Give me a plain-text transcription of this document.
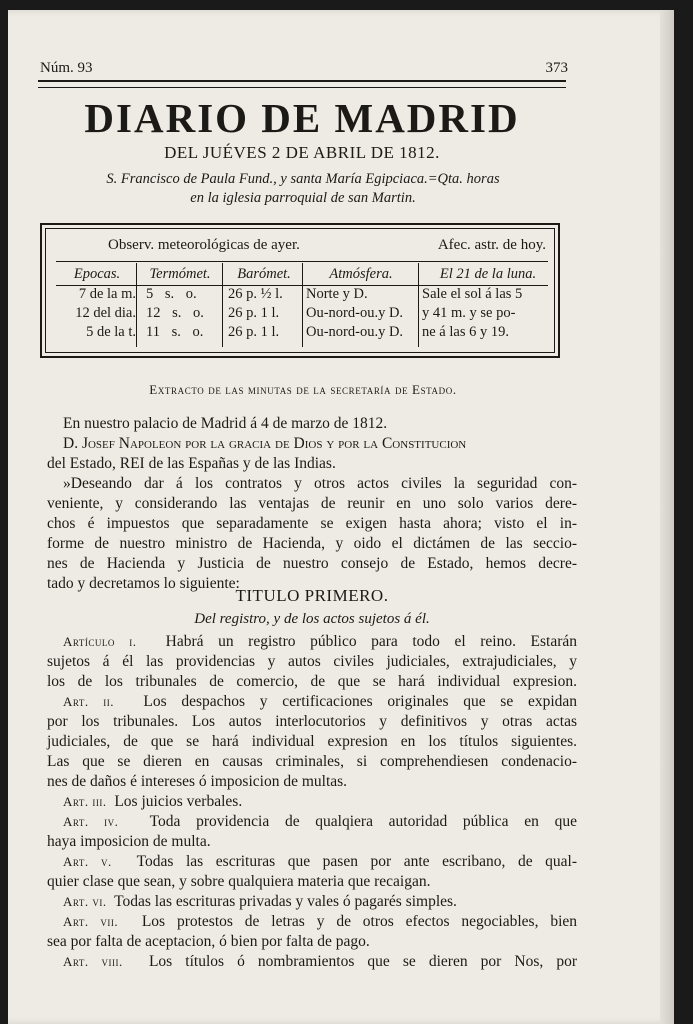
Núm. 93	373
DIARIO DE MADRID
DEL JUÉVES 2 DE ABRIL DE 1812.
S. Francisco de Paula Fund., y santa María Egipciaca.=Qta. horas
en la iglesia parroquial de san Martin.
Observ. meteorológicas de ayer.	Afec. astr. de hoy.
Epocas.
7 de la m.
12 del dia.
5 de la t.
Termómet.
5 s. o.
12 s. o.
11 s. o.
Barómet.
26 p. ½ l.
26 p. 1 l.
26 p. 1 l.
Atmósfera.
Norte y D.
Ou-nord-ou.y D.
Ou-nord-ou.y D.
El 21 de la luna.
Sale el sol á las 5
y 41 m. y se po-
ne á las 6 y 19.
Extracto de las minutas de la secretaría de Estado.
En nuestro palacio de Madrid á 4 de marzo de 1812.
D. Josef Napoleon por la gracia de Dios y por la Constitucion
del Estado, REI de las Españas y de las Indias.
»Deseando dar á los contratos y otros actos civiles la seguridad con-
veniente, y considerando las ventajas de reunir en uno solo varios dere-
chos é impuestos que separadamente se exigen hasta ahora; visto el in-
forme de nuestro ministro de Hacienda, y oido el dictámen de las seccio-
nes de Hacienda y Justicia de nuestro consejo de Estado, hemos decre-
tado y decretamos lo siguiente:
TITULO PRIMERO.
Del registro, y de los actos sujetos á él.
Artículo i. Habrá un registro público para todo el reino. Estarán
sujetos á él las providencias y autos civiles judiciales, extrajudiciales, y
los de los tribunales de comercio, de que se hará individual expresion.
Art. ii. Los despachos y certificaciones originales que se expidan
por los tribunales. Los autos interlocutorios y definitivos y otras actas
judiciales, de que se hará individual expresion en los títulos siguientes.
Las que se dieren en causas criminales, si comprehendiesen condenacio-
nes de daños é intereses ó imposicion de multas.
Art. iii. Los juicios verbales.
Art. iv. Toda providencia de qualqiera autoridad pública en que
haya imposicion de multa.
Art. v. Todas las escrituras que pasen por ante escribano, de qual-
quier clase que sean, y sobre qualquiera materia que recaigan.
Art. vi. Todas las escrituras privadas y vales ó pagarés simples.
Art. vii. Los protestos de letras y de otros efectos negociables, bien
sea por falta de aceptacion, ó bien por falta de pago.
Art. viii. Los títulos ó nombramientos que se dieren por Nos, por
